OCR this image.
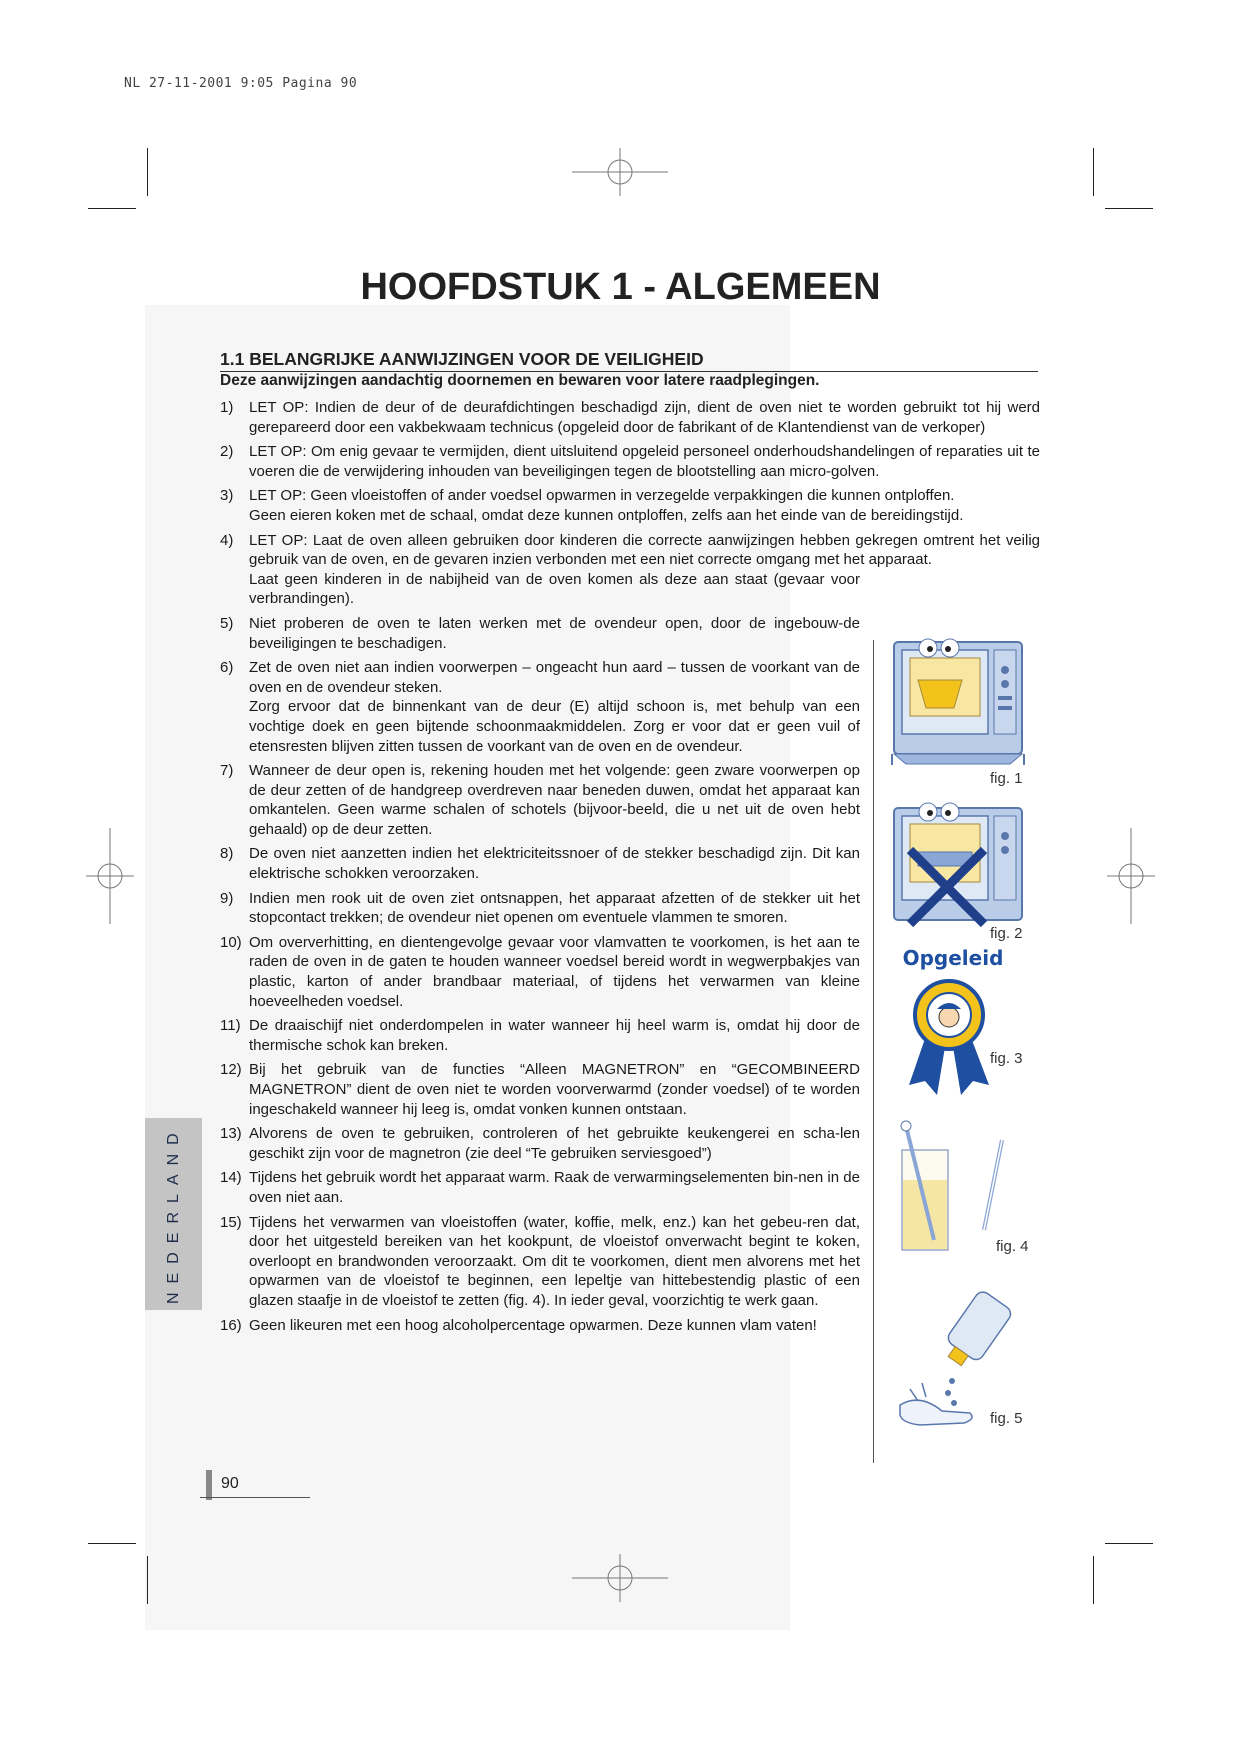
NL 27-11-2001 9:05 Pagina 90
HOOFDSTUK 1 - ALGEMEEN
1.1 BELANGRIJKE AANWIJZINGEN VOOR DE VEILIGHEID
Deze aanwijzingen aandachtig doornemen en bewaren voor latere raadplegingen.
1) LET OP: Indien de deur of de deurafdichtingen beschadigd zijn, dient de oven niet te worden gebruikt tot hij werd gerepareerd door een vakbekwaam technicus (opgeleid door de fabrikant of de Klantendienst van de verkoper)
2) LET OP: Om enig gevaar te vermijden, dient uitsluitend opgeleid personeel onderhoudshandelingen of reparaties uit te voeren die de verwijdering inhouden van beveiligingen tegen de blootstelling aan micro-golven.
3) LET OP: Geen vloeistoffen of ander voedsel opwarmen in verzegelde verpakkingen die kunnen ontploffen.
Geen eieren koken met de schaal, omdat deze kunnen ontploffen, zelfs aan het einde van de bereidingstijd.
4) LET OP: Laat de oven alleen gebruiken door kinderen die correcte aanwijzingen hebben gekregen omtrent het veilig gebruik van de oven, en de gevaren inzien verbonden met een niet correcte omgang met het apparaat.
Laat geen kinderen in de nabijheid van de oven komen als deze aan staat (gevaar voor verbrandingen).
5) Niet proberen de oven te laten werken met de ovendeur open, door de ingebouw-de beveiligingen te beschadigen.
6) Zet de oven niet aan indien voorwerpen – ongeacht hun aard – tussen de voorkant van de oven en de ovendeur steken.
Zorg ervoor dat de binnenkant van de deur (E) altijd schoon is, met behulp van een vochtige doek en geen bijtende schoonmaakmiddelen. Zorg er voor dat er geen vuil of etensresten blijven zitten tussen de voorkant van de oven en de ovendeur.
7) Wanneer de deur open is, rekening houden met het volgende: geen zware voorwerpen op de deur zetten of de handgreep overdreven naar beneden duwen, omdat het apparaat kan omkantelen. Geen warme schalen of schotels (bijvoor-beeld, die u net uit de oven hebt gehaald) op de deur zetten.
8) De oven niet aanzetten indien het elektriciteitssnoer of de stekker beschadigd zijn. Dit kan elektrische schokken veroorzaken.
9) Indien men rook uit de oven ziet ontsnappen, het apparaat afzetten of de stekker uit het stopcontact trekken; de ovendeur niet openen om eventuele vlammen te smoren.
10) Om oververhitting, en dientengevolge gevaar voor vlamvatten te voorkomen, is het aan te raden de oven in de gaten te houden wanneer voedsel bereid wordt in wegwerpbakjes van plastic, karton of ander brandbaar materiaal, of tijdens het verwarmen van kleine hoeveelheden voedsel.
11) De draaischijf niet onderdompelen in water wanneer hij heel warm is, omdat hij door de thermische schok kan breken.
12) Bij het gebruik van de functies “Alleen MAGNETRON” en “GECOMBINEERD MAGNETRON” dient de oven niet te worden voorverwarmd (zonder voedsel) of te worden ingeschakeld wanneer hij leeg is, omdat vonken kunnen ontstaan.
13) Alvorens de oven te gebruiken, controleren of het gebruikte keukengerei en scha-len geschikt zijn voor de magnetron (zie deel “Te gebruiken serviesgoed”)
14) Tijdens het gebruik wordt het apparaat warm. Raak de verwarmingselementen bin-nen in de oven niet aan.
15) Tijdens het verwarmen van vloeistoffen (water, koffie, melk, enz.) kan het gebeu-ren dat, door het uitgesteld bereiken van het kookpunt, de vloeistof onverwacht begint te koken, overloopt en brandwonden veroorzaakt. Om dit te voorkomen, dient men alvorens met het opwarmen van de vloeistof te beginnen, een lepeltje van hittebestendig plastic of een glazen staafje in de vloeistof te zetten (fig. 4). In ieder geval, voorzichtig te werk gaan.
16) Geen likeuren met een hoog alcoholpercentage opwarmen. Deze kunnen vlam vaten!
fig. 1
fig. 2
Opgeleid
fig. 3
fig. 4
fig. 5
NEDERLAND
90
